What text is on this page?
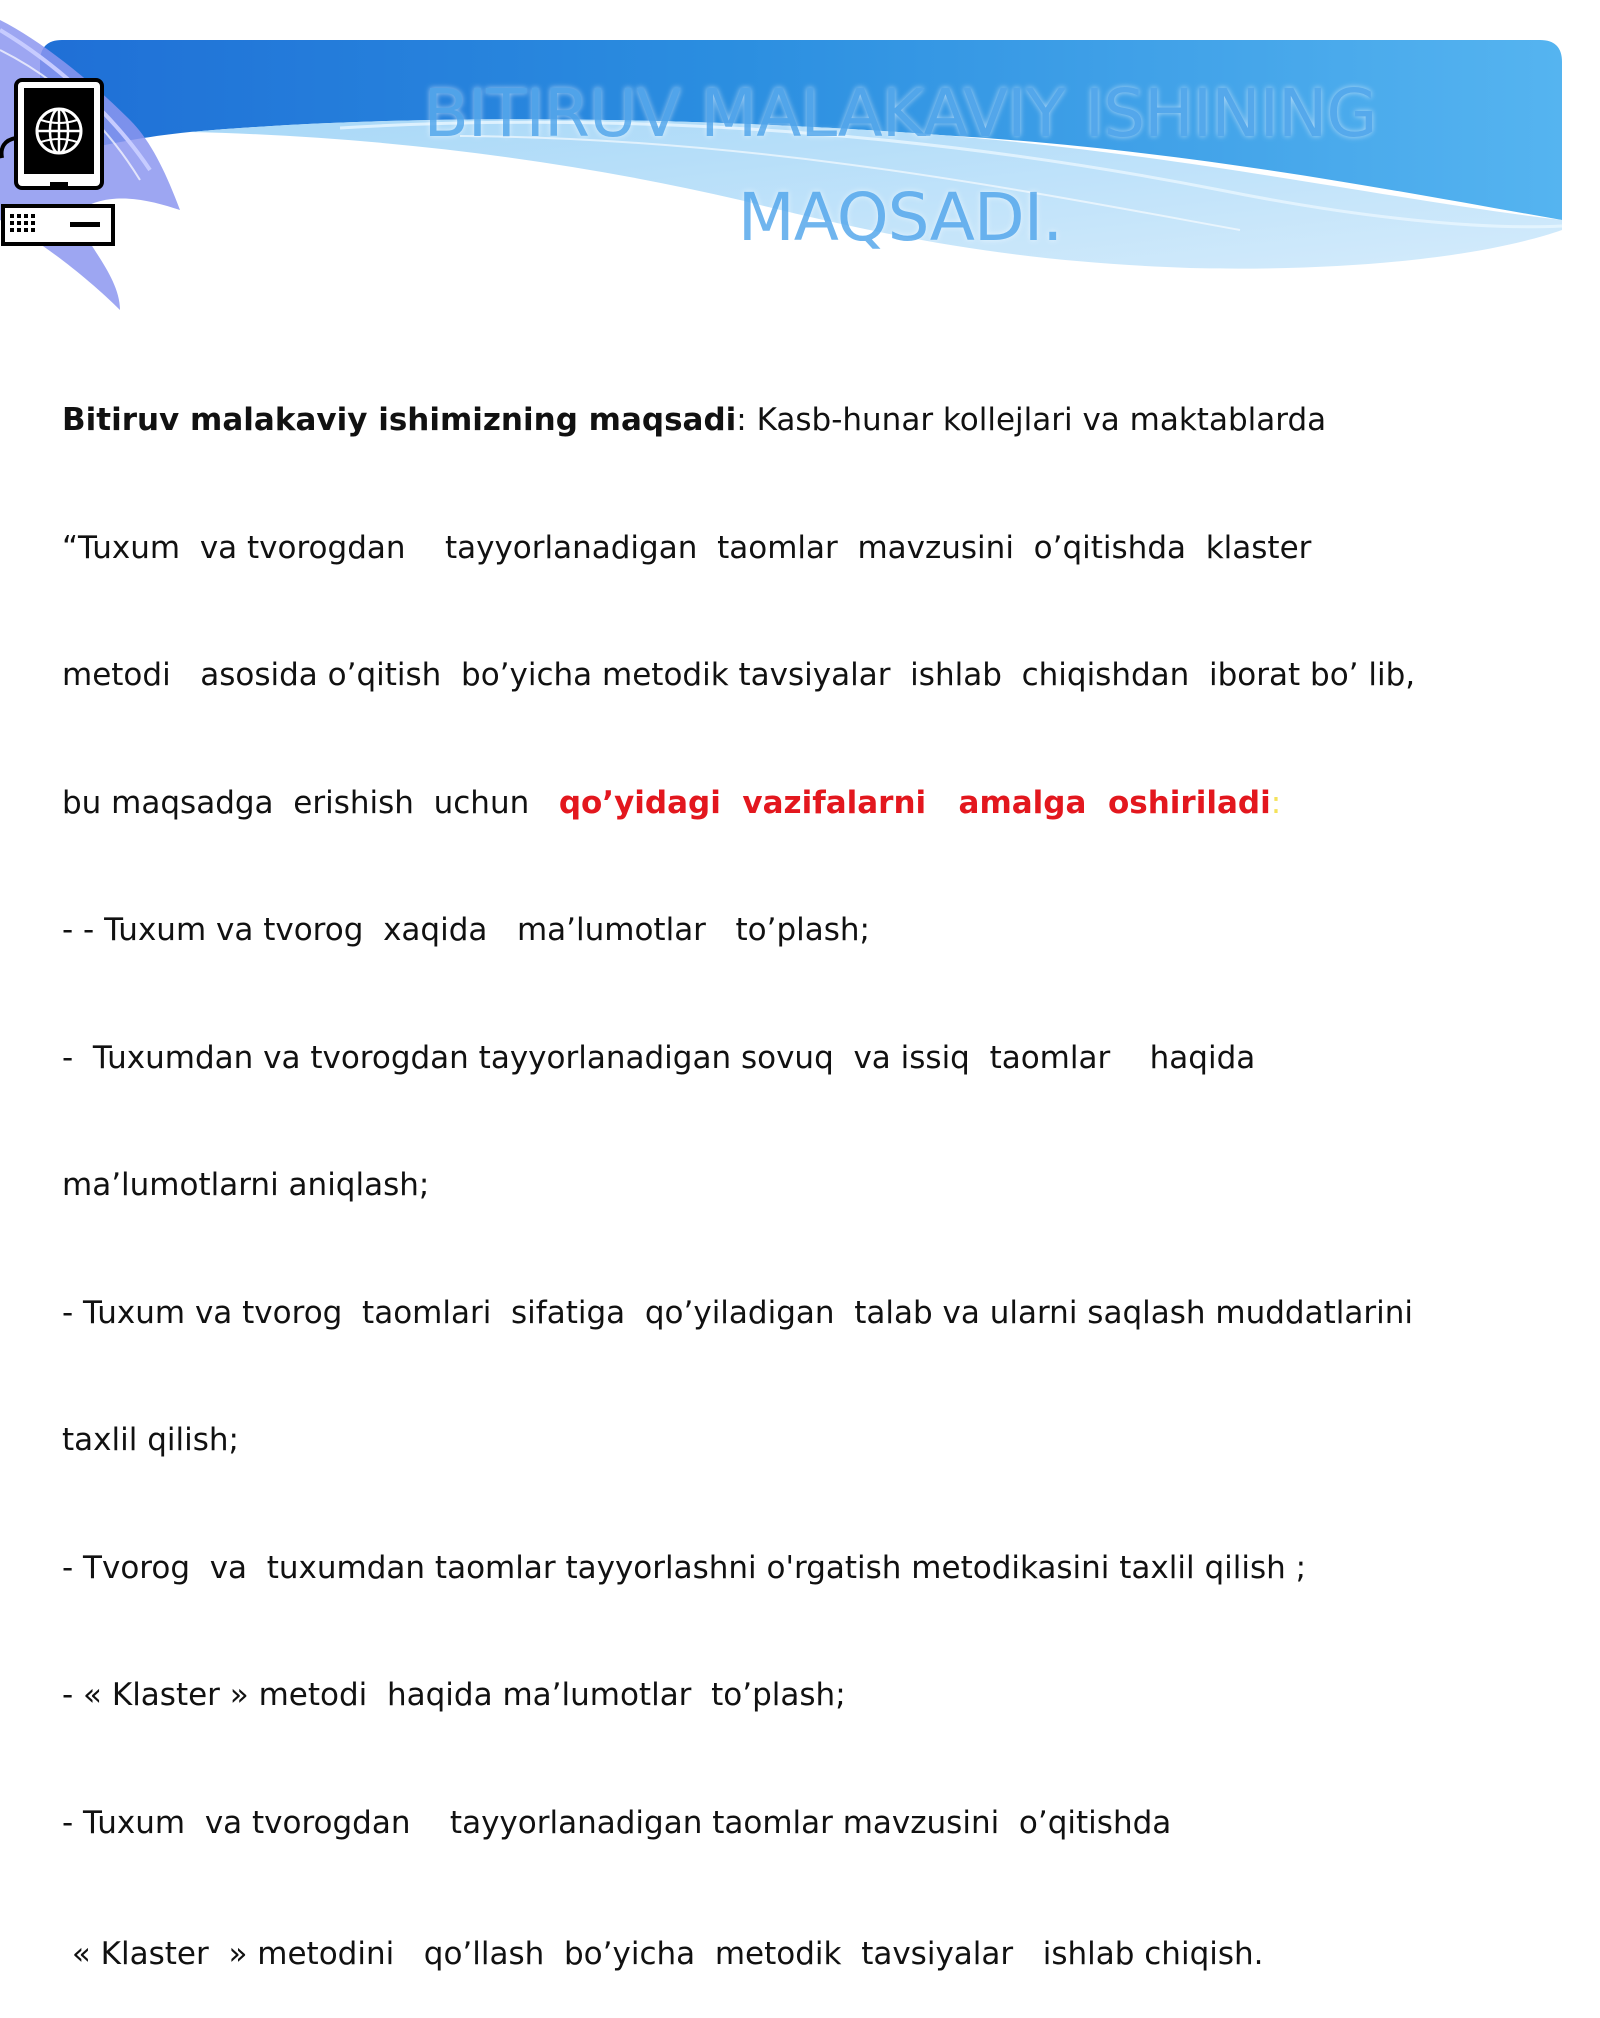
BITIRUV MALAKAVIY ISHINING
MAQSADI.

Bitiruv malakaviy ishimizning maqsadi: Kasb-hunar kollejlari va maktablarda

“Tuxum  va tvorogdan    tayyorlanadigan  taomlar  mavzusini  o’qitishda  klaster

metodi   asosida o’qitish  bo’yicha metodik tavsiyalar  ishlab  chiqishdan  iborat bo’ lib,

bu maqsadga  erishish  uchun   qo’yidagi  vazifalarni   amalga  oshiriladi:

- - Tuxum va tvorog  xaqida   ma’lumotlar   to’plash;

-  Tuxumdan va tvorogdan tayyorlanadigan sovuq  va issiq  taomlar    haqida

ma’lumotlarni aniqlash;

- Tuxum va tvorog  taomlari  sifatiga  qo’yiladigan  talab va ularni saqlash muddatlarini

taxlil qilish;

- Tvorog  va  tuxumdan taomlar tayyorlashni o'rgatish metodikasini taxlil qilish ;

- « Klaster » metodi  haqida ma’lumotlar  to’plash;

- Tuxum  va tvorogdan    tayyorlanadigan taomlar mavzusini  o’qitishda

« Klaster  » metodini   qo’llash  bo’yicha  metodik  tavsiyalar   ishlab chiqish.
